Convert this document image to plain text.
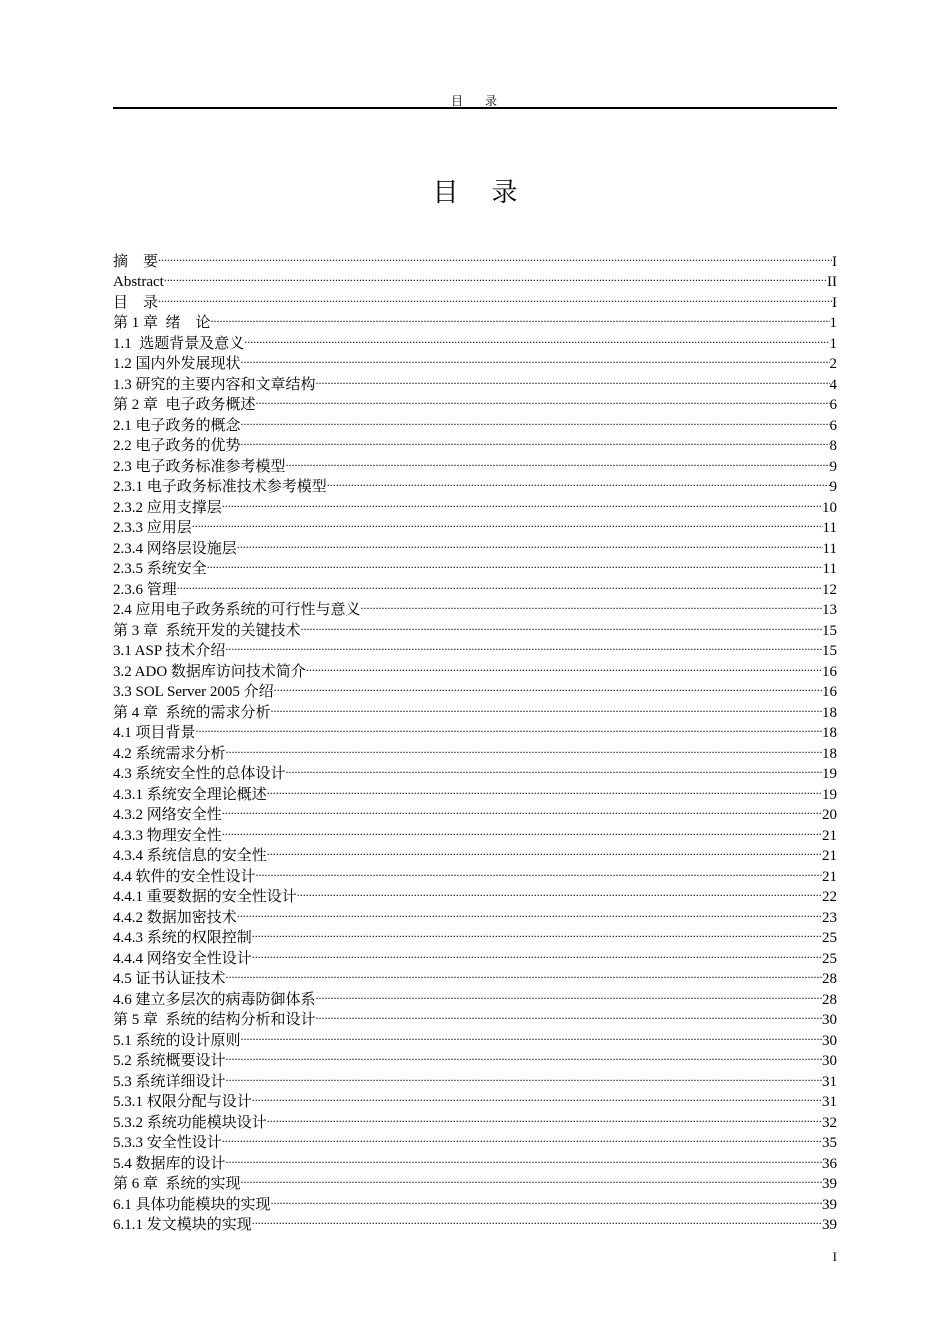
目    录
目    录
摘    要 .....	I
Abstract .....	II
目    录 .....	I
第 1 章  绪    论 .....	1
1.1  选题背景及意义 .....	1
1.2 国内外发展现状 .....	2
1.3 研究的主要内容和文章结构 .....	4
第 2 章  电子政务概述 .....	6
2.1 电子政务的概念 .....	6
2.2 电子政务的优势 .....	8
2.3 电子政务标准参考模型 .....	9
2.3.1 电子政务标准技术参考模型 .....	9
2.3.2 应用支撑层 .....	10
2.3.3 应用层 .....	11
2.3.4 网络层设施层 .....	11
2.3.5 系统安全 .....	11
2.3.6 管理 .....	12
2.4 应用电子政务系统的可行性与意义 .....	13
第 3 章  系统开发的关键技术 .....	15
3.1 ASP 技术介绍 .....	15
3.2 ADO 数据库访问技术简介 .....	16
3.3 SOL Server 2005 介绍 .....	16
第 4 章  系统的需求分析 .....	18
4.1 项目背景 .....	18
4.2 系统需求分析 .....	18
4.3 系统安全性的总体设计 .....	19
4.3.1 系统安全理论概述 .....	19
4.3.2 网络安全性 .....	20
4.3.3 物理安全性 .....	21
4.3.4 系统信息的安全性 .....	21
4.4 软件的安全性设计 .....	21
4.4.1 重要数据的安全性设计 .....	22
4.4.2 数据加密技术 .....	23
4.4.3 系统的权限控制 .....	25
4.4.4 网络安全性设计 .....	25
4.5 证书认证技术 .....	28
4.6 建立多层次的病毒防御体系 .....	28
第 5 章  系统的结构分析和设计 .....	30
5.1 系统的设计原则 .....	30
5.2 系统概要设计 .....	30
5.3 系统详细设计 .....	31
5.3.1 权限分配与设计 .....	31
5.3.2 系统功能模块设计 .....	32
5.3.3 安全性设计 .....	35
5.4 数据库的设计 .....	36
第 6 章  系统的实现 .....	39
6.1 具体功能模块的实现 .....	39
6.1.1 发文模块的实现 .....	39
I
